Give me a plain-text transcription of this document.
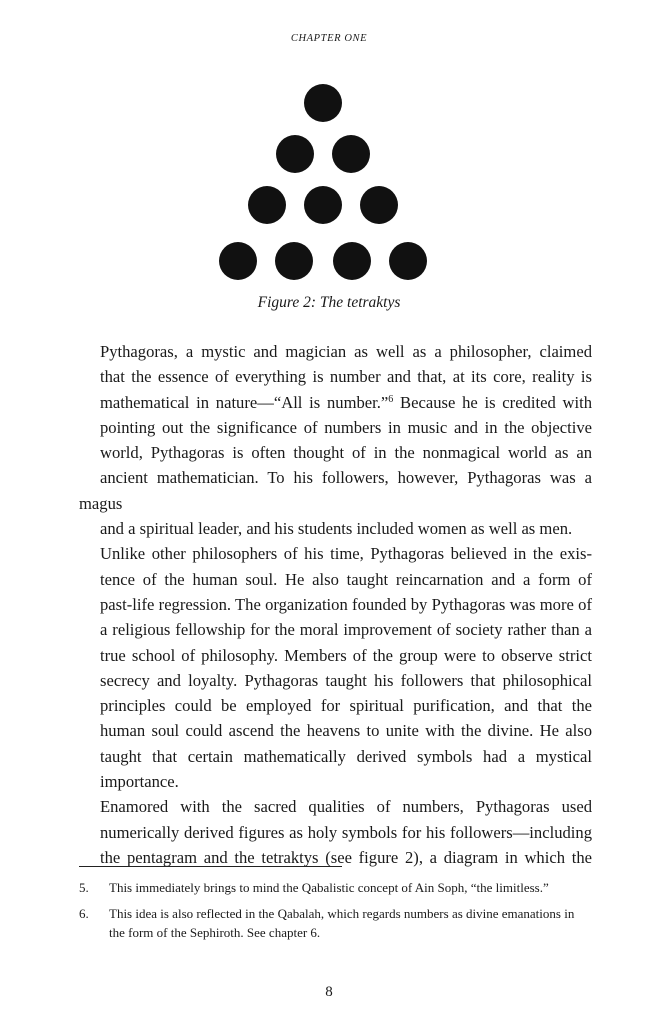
CHAPTER ONE
Figure 2: The tetraktys

Pythagoras, a mystic and magician as well as a philosopher, claimed
that the essence of everything is number and that, at its core, reality is
mathematical in nature—“All is number.”$^6$ Because he is credited with
pointing out the significance of numbers in music and in the objective
world, Pythagoras is often thought of in the nonmagical world as an
ancient mathematician. To his followers, however, Pythagoras was a magus
and a spiritual leader, and his students included women as well as men.

Unlike other philosophers of his time, Pythagoras believed in the exis-
tence of the human soul. He also taught reincarnation and a form of
past-life regression. The organization founded by Pythagoras was more of
a religious fellowship for the moral improvement of society rather than a
true school of philosophy. Members of the group were to observe strict
secrecy and loyalty. Pythagoras taught his followers that philosophical
principles could be employed for spiritual purification, and that the
human soul could ascend the heavens to unite with the divine. He also
taught that certain mathematically derived symbols had a mystical
importance.

Enamored with the sacred qualities of numbers, Pythagoras used
numerically derived figures as holy symbols for his followers—including
the pentagram and the tetraktys (see figure 2), a diagram in which the

5. This immediately brings to mind the Qabalistic concept of Ain Soph, “the limitless.”
6. This idea is also reflected in the Qabalah, which regards numbers as divine emanations in the form of the Sephiroth. See chapter 6.
8
